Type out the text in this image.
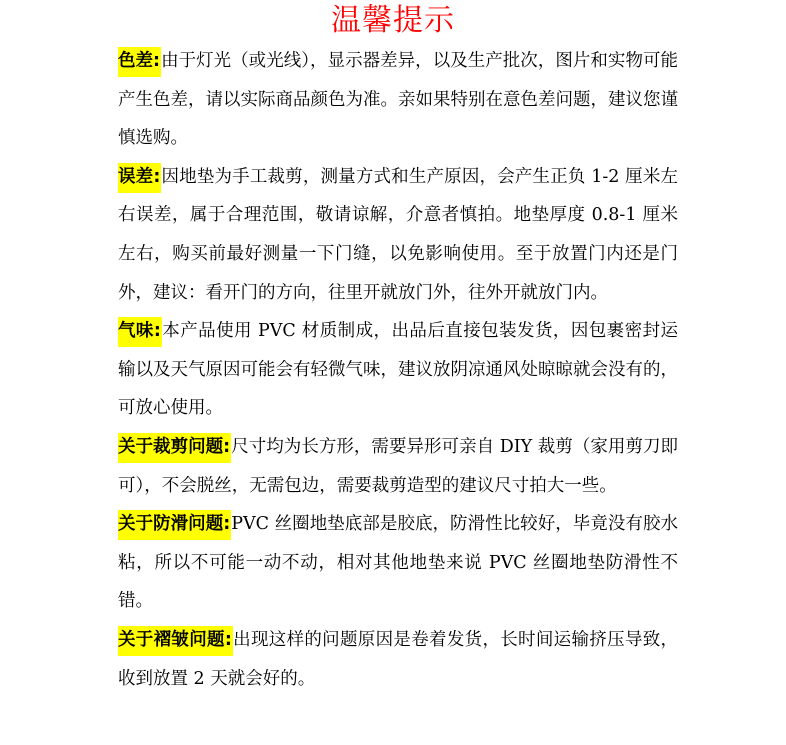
温馨提示

色差:由于灯光（或光线），显示器差异，以及生产批次，图片和实物可能产生色差，请以实际商品颜色为准。亲如果特别在意色差问题，建议您谨慎选购。

误差:因地垫为手工裁剪，测量方式和生产原因，会产生正负 1-2 厘米左右误差，属于合理范围，敬请谅解，介意者慎拍。地垫厚度 0.8-1 厘米左右，购买前最好测量一下门缝，以免影响使用。至于放置门内还是门外，建议：看开门的方向，往里开就放门外，往外开就放门内。

气味:本产品使用 PVC 材质制成，出品后直接包装发货，因包裹密封运输以及天气原因可能会有轻微气味，建议放阴凉通风处晾晾就会没有的，可放心使用。

关于裁剪问题:尺寸均为长方形，需要异形可亲自 DIY 裁剪（家用剪刀即可），不会脱丝，无需包边，需要裁剪造型的建议尺寸拍大一些。

关于防滑问题:PVC 丝圈地垫底部是胶底，防滑性比较好，毕竟没有胶水粘，所以不可能一动不动，相对其他地垫来说 PVC 丝圈地垫防滑性不错。

关于褶皱问题:出现这样的问题原因是卷着发货，长时间运输挤压导致，收到放置 2 天就会好的。
